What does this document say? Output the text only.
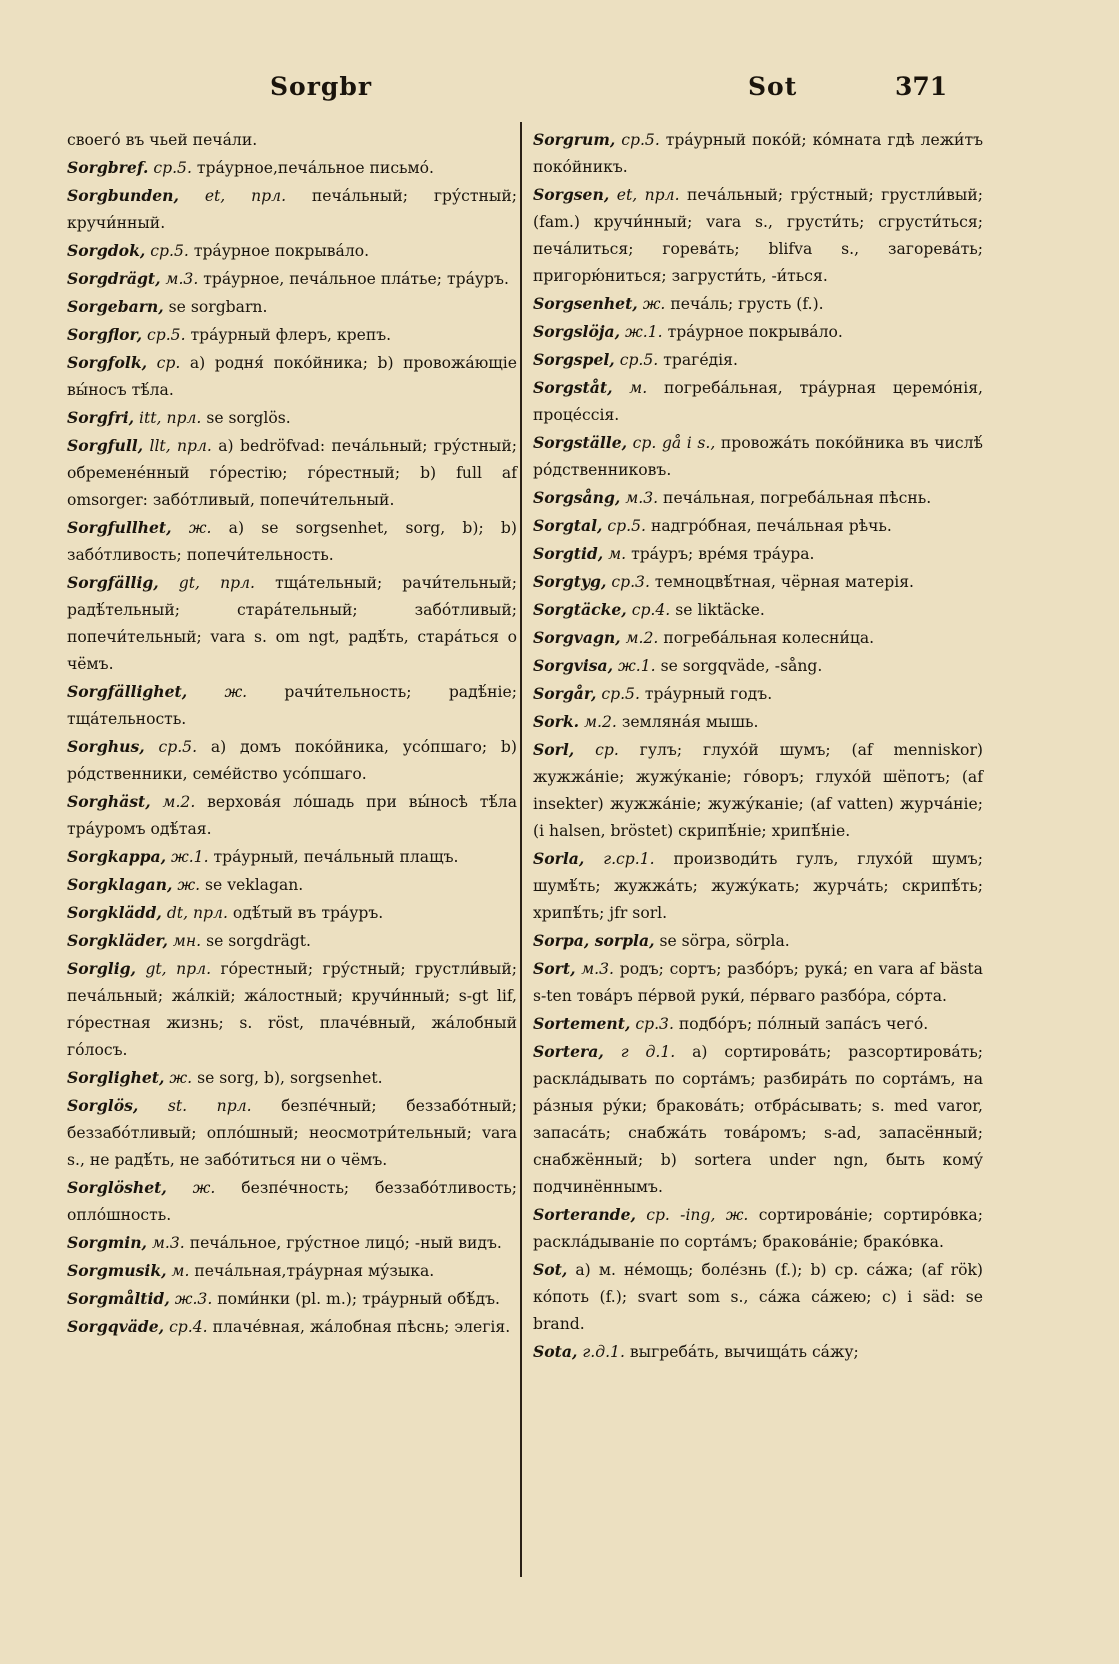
Sorgbr	Sot	371
своего́ въ чьей печа́ли.
Sorgbref. ср.5. тра́урное,печа́льное письмо́.
Sorgbunden, et, прл. печа́льный; гру́стный; кручи́нный.
Sorgdok, ср.5. тра́урное покрыва́ло.
Sorgdrägt, м.3. тра́урное, печа́льное пла́тье; тра́уръ.
Sorgebarn, se sorgbarn.
Sorgflor, ср.5. тра́урный флеръ, крепъ.
Sorgfolk, ср. a) родня́ поко́йника; b) провожа́ющіе вы́носъ тѣ́ла.
Sorgfri, itt, прл. se sorglös.
Sorgfull, llt, прл. a) bedröfvad: печа́льный; гру́стный; обремене́нный го́рестію; го́рестный; b) full af omsorger: забо́тливый, попечи́тельный.
Sorgfullhet, ж. a) se sorgsenhet, sorg, b); b) забо́тливость; попечи́тельность.
Sorgfällig, gt, прл. тща́тельный; рачи́тельный; радѣ́тельный; стара́тельный; забо́тливый; попечи́тельный; vara s. om ngt, радѣ́ть, стара́ться о чёмъ.
Sorgfällighet, ж. рачи́тельность; радѣ́ніе; тща́тельность.
Sorghus, ср.5. a) домъ поко́йника, усо́пшаго; b) ро́дственники, семе́йство усо́пшаго.
Sorghäst, м.2. верхова́я ло́шадь при вы́носѣ тѣ́ла тра́уромъ одѣ́тая.
Sorgkappa, ж.1. тра́урный, печа́льный плащъ.
Sorgklagan, ж. se veklagan.
Sorgklädd, dt, прл. одѣ́тый въ тра́уръ.
Sorgkläder, мн. se sorgdrägt.
Sorglig, gt, прл. го́рестный; гру́стный; грустли́вый; печа́льный; жа́лкій; жа́лостный; кручи́нный; s-gt lif, го́рестная жизнь; s. röst, плаче́вный, жа́лобный го́лосъ.
Sorglighet, ж. se sorg, b), sorgsenhet.
Sorglös, st. прл. безпе́чный; беззабо́тный; беззабо́тливый; опло́шный; неосмотри́тельный; vara s., не радѣ́ть, не забо́титься ни о чёмъ.
Sorglöshet, ж. безпе́чность; беззабо́тливость; опло́шность.
Sorgmin, м.3. печа́льное, гру́стное лицо́; -ный видъ.
Sorgmusik, м. печа́льная,тра́урная му́зыка.
Sorgmåltid, ж.3. поми́нки (pl. m.); тра́урный обѣ́дъ.
Sorgqväde, ср.4. плаче́вная, жа́лобная пѣснь; элегія.
Sorgrum, ср.5. тра́урный поко́й; ко́мната гдѣ лежи́тъ поко́йникъ.
Sorgsen, et, прл. печа́льный; гру́стный; грустли́вый; (fam.) кручи́нный; vara s., грусти́ть; сгрусти́ться; печа́литься; горева́ть; blifva s., загорева́ть; пригорю́ниться; загрусти́ть, -и́ться.
Sorgsenhet, ж. печа́ль; грусть (f.).
Sorgslöja, ж.1. тра́урное покрыва́ло.
Sorgspel, ср.5. траге́дія.
Sorgståt, м. погреба́льная, тра́урная церемо́нія, проце́ссія.
Sorgställe, ср. gå i s., провожа́ть поко́йника въ числѣ́ ро́дственниковъ.
Sorgsång, м.3. печа́льная, погреба́льная пѣснь.
Sorgtal, ср.5. надгро́бная, печа́льная рѣчь.
Sorgtid, м. тра́уръ; вре́мя тра́ура.
Sorgtyg, ср.3. темноцвѣ́тная, чёрная матерія.
Sorgtäcke, ср.4. se liktäcke.
Sorgvagn, м.2. погреба́льная колесни́ца.
Sorgvisa, ж.1. se sorgqväde, -sång.
Sorgår, ср.5. тра́урный годъ.
Sork. м.2. земляна́я мышь.
Sorl, ср. гулъ; глухо́й шумъ; (af menniskor) жужжа́ніе; жужу́каніе; го́воръ; глухо́й шёпотъ; (af insekter) жужжа́ніе; жужу́каніе; (af vatten) журча́ніе; (i halsen, bröstet) скрипѣ́ніе; хрипѣ́ніе.
Sorla, г.ср.1. производи́ть гулъ, глухо́й шумъ; шумѣ́ть; жужжа́ть; жужу́кать; журча́ть; скрипѣ́ть; хрипѣ́ть; jfr sorl.
Sorpa, sorpla, se sörpa, sörpla.
Sort, м.3. родъ; сортъ; разбо́ръ; рука́; en vara af bästa s-ten това́ръ пе́рвой руки́, пе́рваго разбо́ра, со́рта.
Sortement, ср.3. подбо́ръ; по́лный запа́съ чего́.
Sortera, г д.1. a) сортирова́ть; разсортирова́ть; раскла́дывать по сорта́мъ; разбира́ть по сорта́мъ, на ра́зныя ру́ки; бракова́ть; отбра́сывать; s. med varor, запаса́ть; снабжа́ть това́ромъ; s-ad, запасённый; снабжённый; b) sortera under ngn, быть кому́ подчинённымъ.
Sorterande, ср. -ing, ж. сортирова́ніе; сортиро́вка; раскла́дываніе по сорта́мъ; бракова́ніе; брако́вка.
Sot, a) м. не́мощь; боле́знь (f.); b) ср. са́жа; (af rök) ко́поть (f.); svart som s., са́жа са́жею; c) i säd: se brand.
Sota, г.д.1. выгреба́ть, вычища́ть са́жу;
